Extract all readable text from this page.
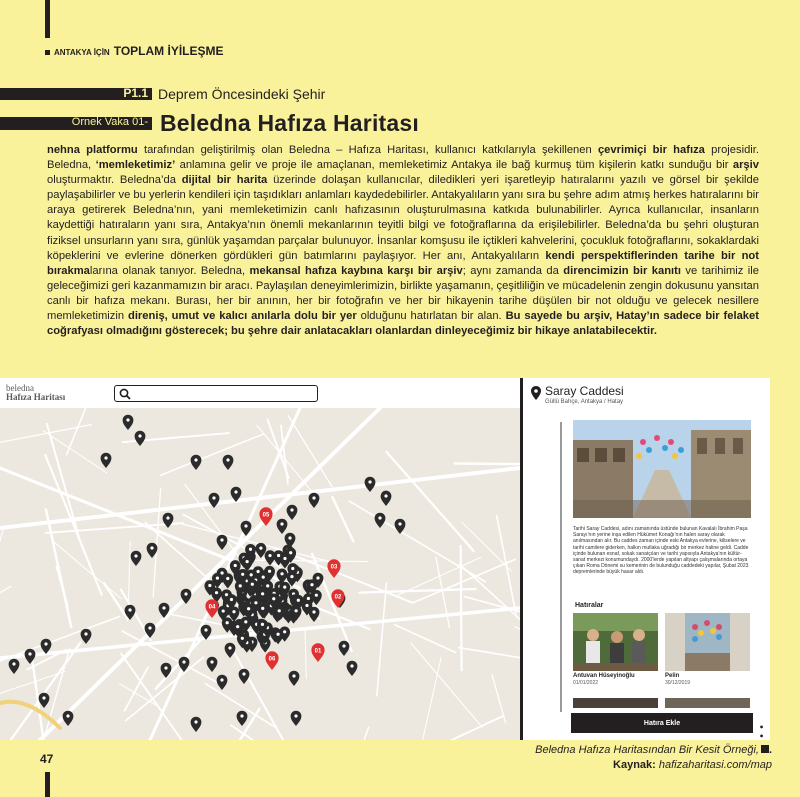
ANTAKYA İÇİN TOPLAM İYİLEŞME
P1.1 Deprem Öncesindeki Şehir
Örnek Vaka 01- Beledna Hafıza Haritası
nehna platformu tarafından geliştirilmiş olan Beledna – Hafıza Haritası, kullanıcı katkılarıyla şekillenen çevrimiçi bir hafıza projesidir. Beledna, ‘memleketimiz’ anlamına gelir ve proje ile amaçlanan, memleketimiz Antakya ile bağ kurmuş tüm kişilerin katkı sunduğu bir arşiv oluşturmaktır. Beledna’da dijital bir harita üzerinde dolaşan kullanıcılar, diledikleri yeri işaretleyip hatıralarını yazılı ve görsel bir şekilde paylaşabilirler ve bu yerlerin kendileri için taşıdıkları anlamları kaydedebilirler. Antakyalıların yanı sıra bu şehre adım atmış herkes hatıralarını bir araya getirerek Beledna’nın, yani memleketimizin canlı hafızasının oluşturulmasına katkıda bulunabilirler. Ayrıca kullanıcılar, insanların kaydettiği hatıraların yanı sıra, Antakya’nın önemli mekanlarının teyitli bilgi ve fotoğraflarına da erişilebilirler. Beledna’da bu şehri oluşturan fiziksel unsurların yanı sıra, günlük yaşamdan parçalar bulunuyor. İnsanlar komşusu ile içtikleri kahvelerini, çocukluk fotoğraflarını, sokaklardaki köpeklerini ve evlerine dönerken gördükleri gün batımlarını paylaşıyor. Her anı, Antakyalıların kendi perspektiflerinden tarihe bir not bırakmalarına olanak tanıyor. Beledna, mekansal hafıza kaybına karşı bir arşiv; aynı zamanda da direncimizin bir kanıtı ve tarihimiz ile geleceğimizi geri kazanmamızın bir aracı. Paylaşılan deneyimlerimizin, birlikte yaşamanın, çeşitliliğin ve mücadelenin zengin dokusunu yansıtan canlı bir hafıza mekanı. Burası, her bir anının, her bir fotoğrafın ve her bir hikayenin tarihe düşülen bir not olduğu ve gelecek nesillere memleketimizin direniş, umut ve kalıcı anılarla dolu bir yer olduğunu hatırlatan bir alan. Bu sayede bu arşiv, Hatay’ın sadece bir felaket coğrafyası olmadığını gösterecek; bu şehre dair anlatacakları olanlardan dinleyeceğimiz bir hikaye anlatabilecektir.
beledna
Hafıza Haritası
05
03
02
04
06
01
Saray Caddesi
Güllü Bahçe, Antakya / Hatay
Tarihi Saray Caddesi, adını zamanında üstünde bulunan Kavalalı İbrahim Paşa Sarayı’nın yerine inşa edilen Hükümet Konağı’nın halen saray olarak anılmasından alır. Bu caddes zaman içinde eski Antakya evlerine, kiliselere ve tarihi camilere giderken, halkın mutlaka uğradığı bir merkez haline geldi. Cadde içinde bulunan esnaf, sokak sanatçıları ve tarihi yapısıyla Antakya’nın kültür-sanat merkezi konumundaydı. 2000’lerde yapılan altyapı çalışmalarında ortaya çıkan Roma Dönemi su kemerinin de bulunduğu caddedeki yapılar, Şubat 2023 depremlerinde büyük hasar aldı.
Hatıralar
Antuvan Hüseyinoğlu
01/01/2022
Pelin
30/12/2019
Hatıra Ekle	• •
47
Beledna Hafıza Haritasından Bir Kesit Örneği, .
Kaynak: hafizaharitasi.com/map
